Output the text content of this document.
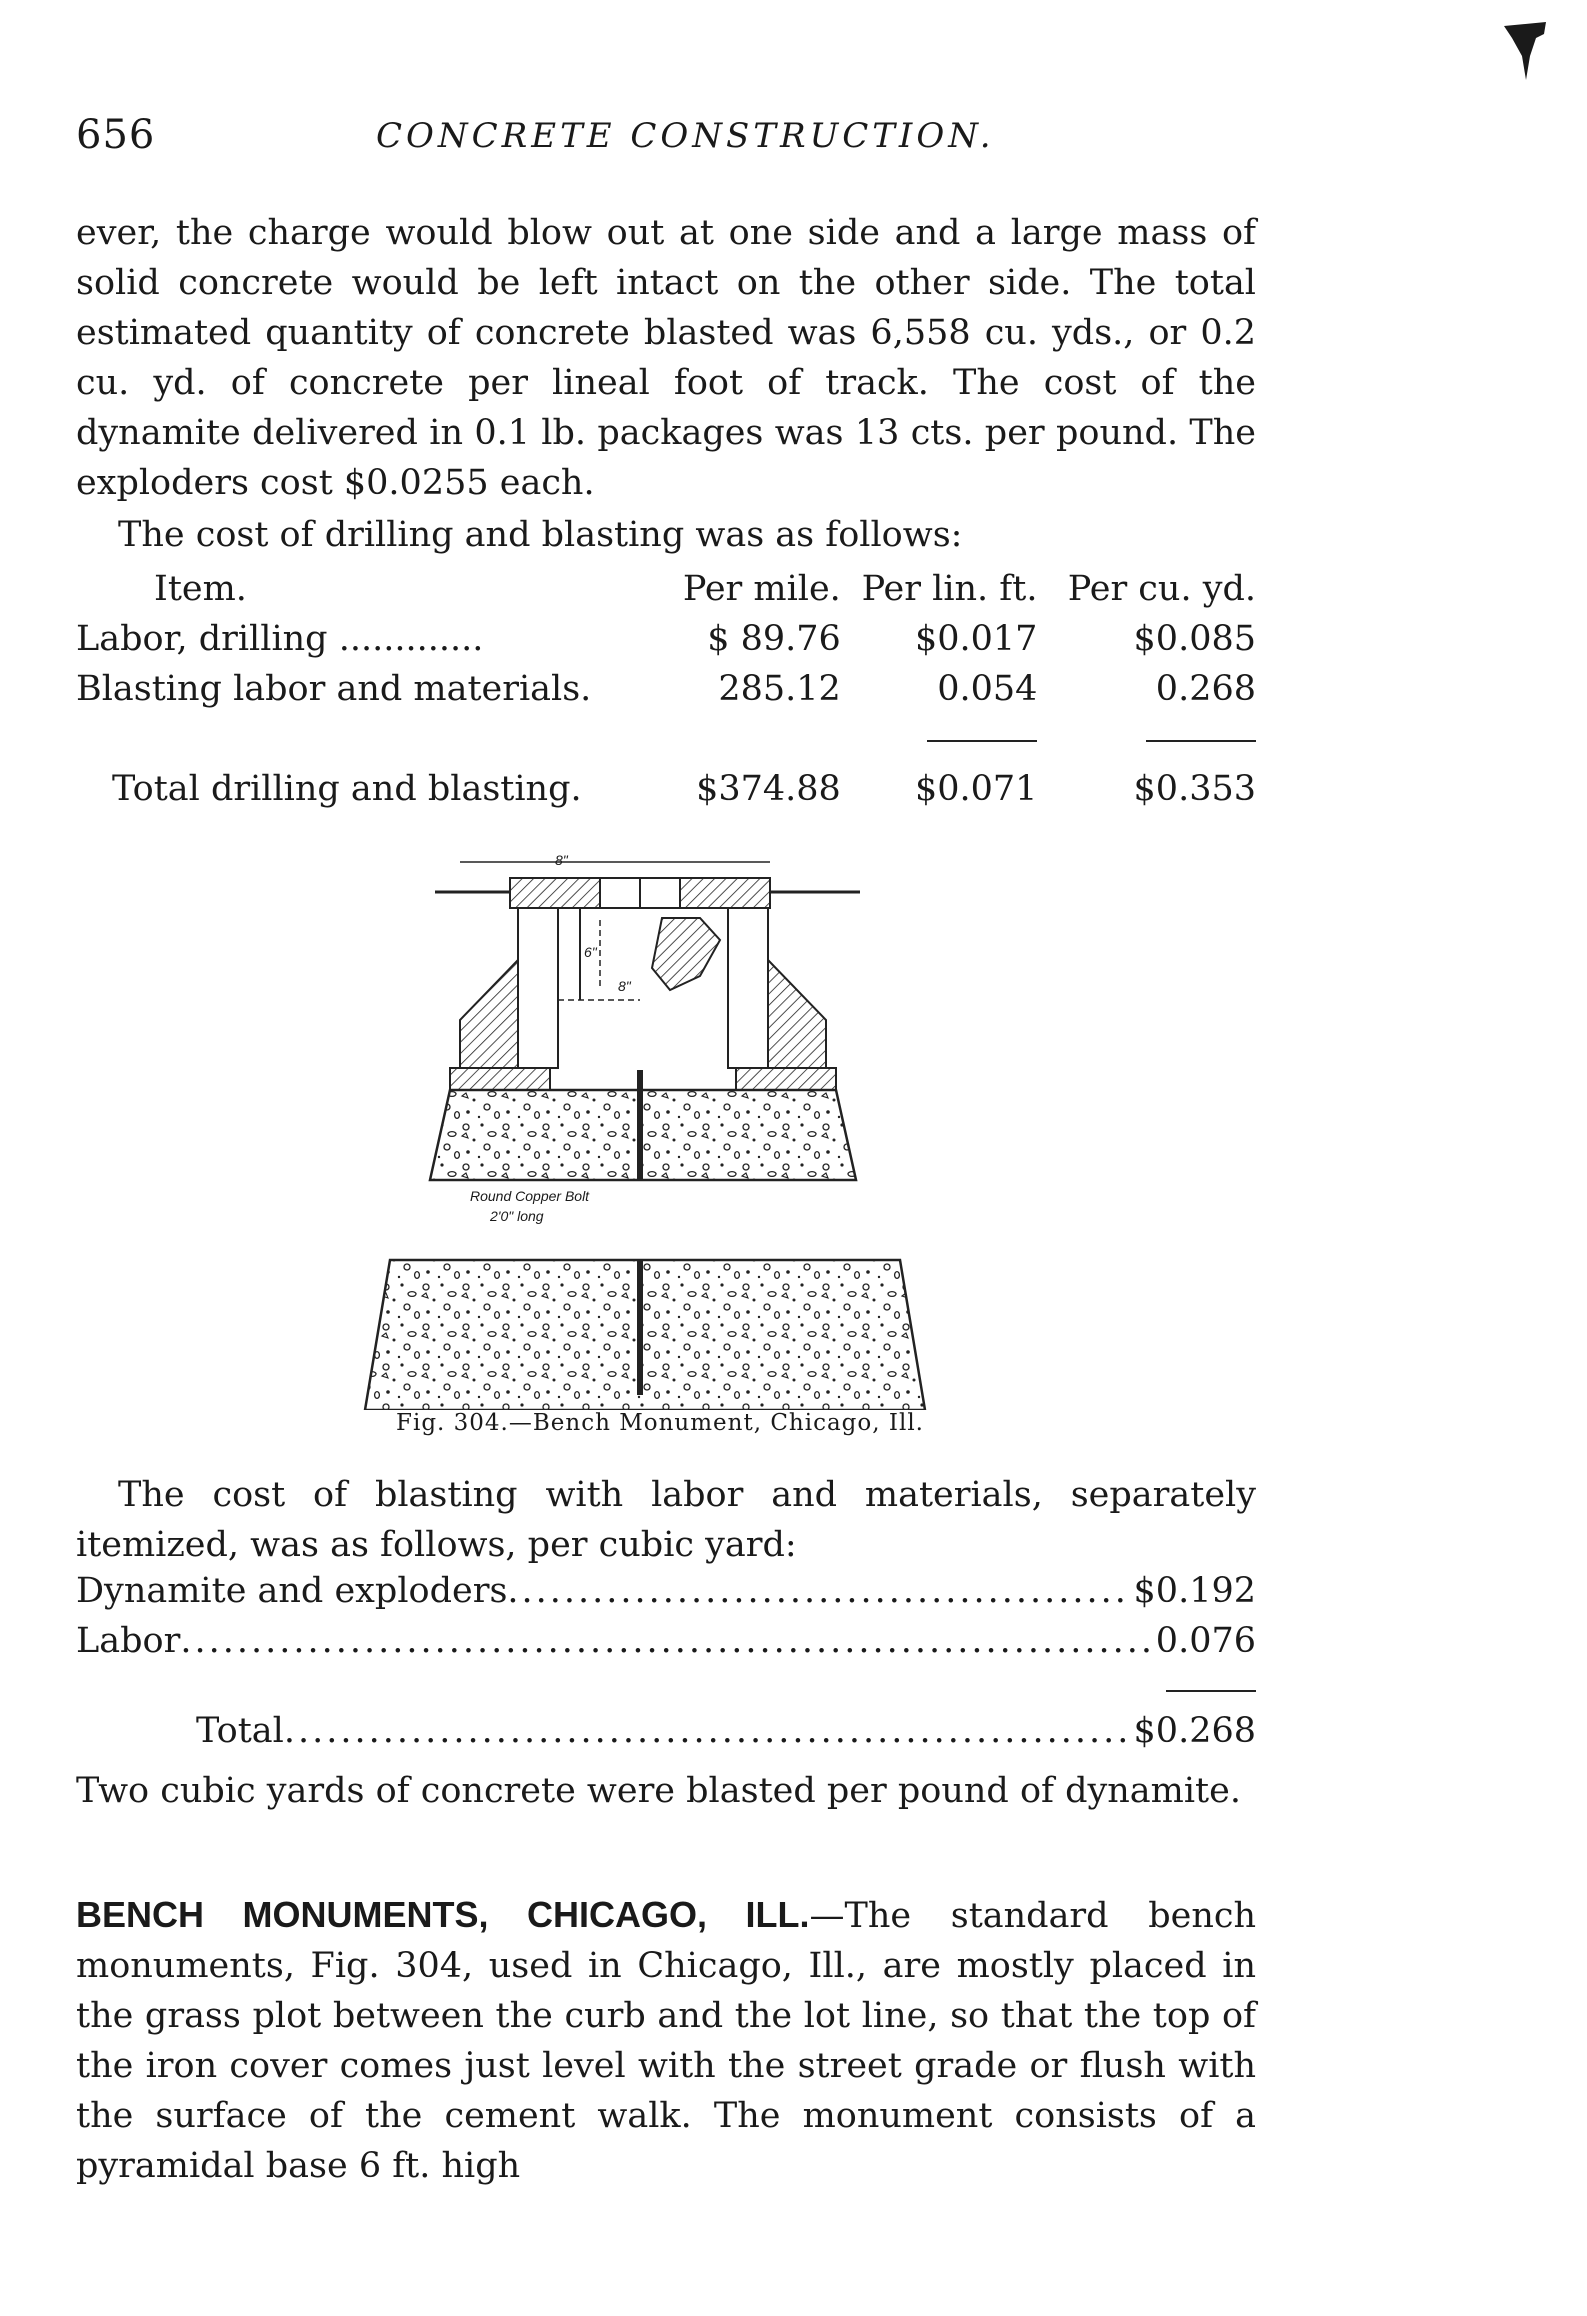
656	CONCRETE CONSTRUCTION.
ever, the charge would blow out at one side and a large mass of solid concrete would be left intact on the other side. The total estimated quantity of concrete blasted was 6,558 cu. yds., or 0.2 cu. yd. of concrete per lineal foot of track. The cost of the dynamite delivered in 0.1 lb. packages was 13 cts. per pound. The exploders cost $0.0255 each.
The cost of drilling and blasting was as follows:
Item.	Per mile.	Per lin. ft.	Per cu. yd.
Labor, drilling .............	$ 89.76	$0.017	$0.085
Blasting labor and materials.	285.12	0.054	0.268

Total drilling and blasting.	$374.88	$0.071	$0.353
8"
8"
6"
Round Copper Bolt
2'0" long
Fig. 304.—Bench Monument, Chicago, Ill.
The cost of blasting with labor and materials, separately itemized, was as follows, per cubic yard:
Dynamite and exploders .....	$0.192
Labor .....	0.076
Total .....	$0.268
Two cubic yards of concrete were blasted per pound of dynamite.
BENCH MONUMENTS, CHICAGO, ILL.—The standard bench monuments, Fig. 304, used in Chicago, Ill., are mostly placed in the grass plot between the curb and the lot line, so that the top of the iron cover comes just level with the street grade or flush with the surface of the cement walk. The monument consists of a pyramidal base 6 ft. high
